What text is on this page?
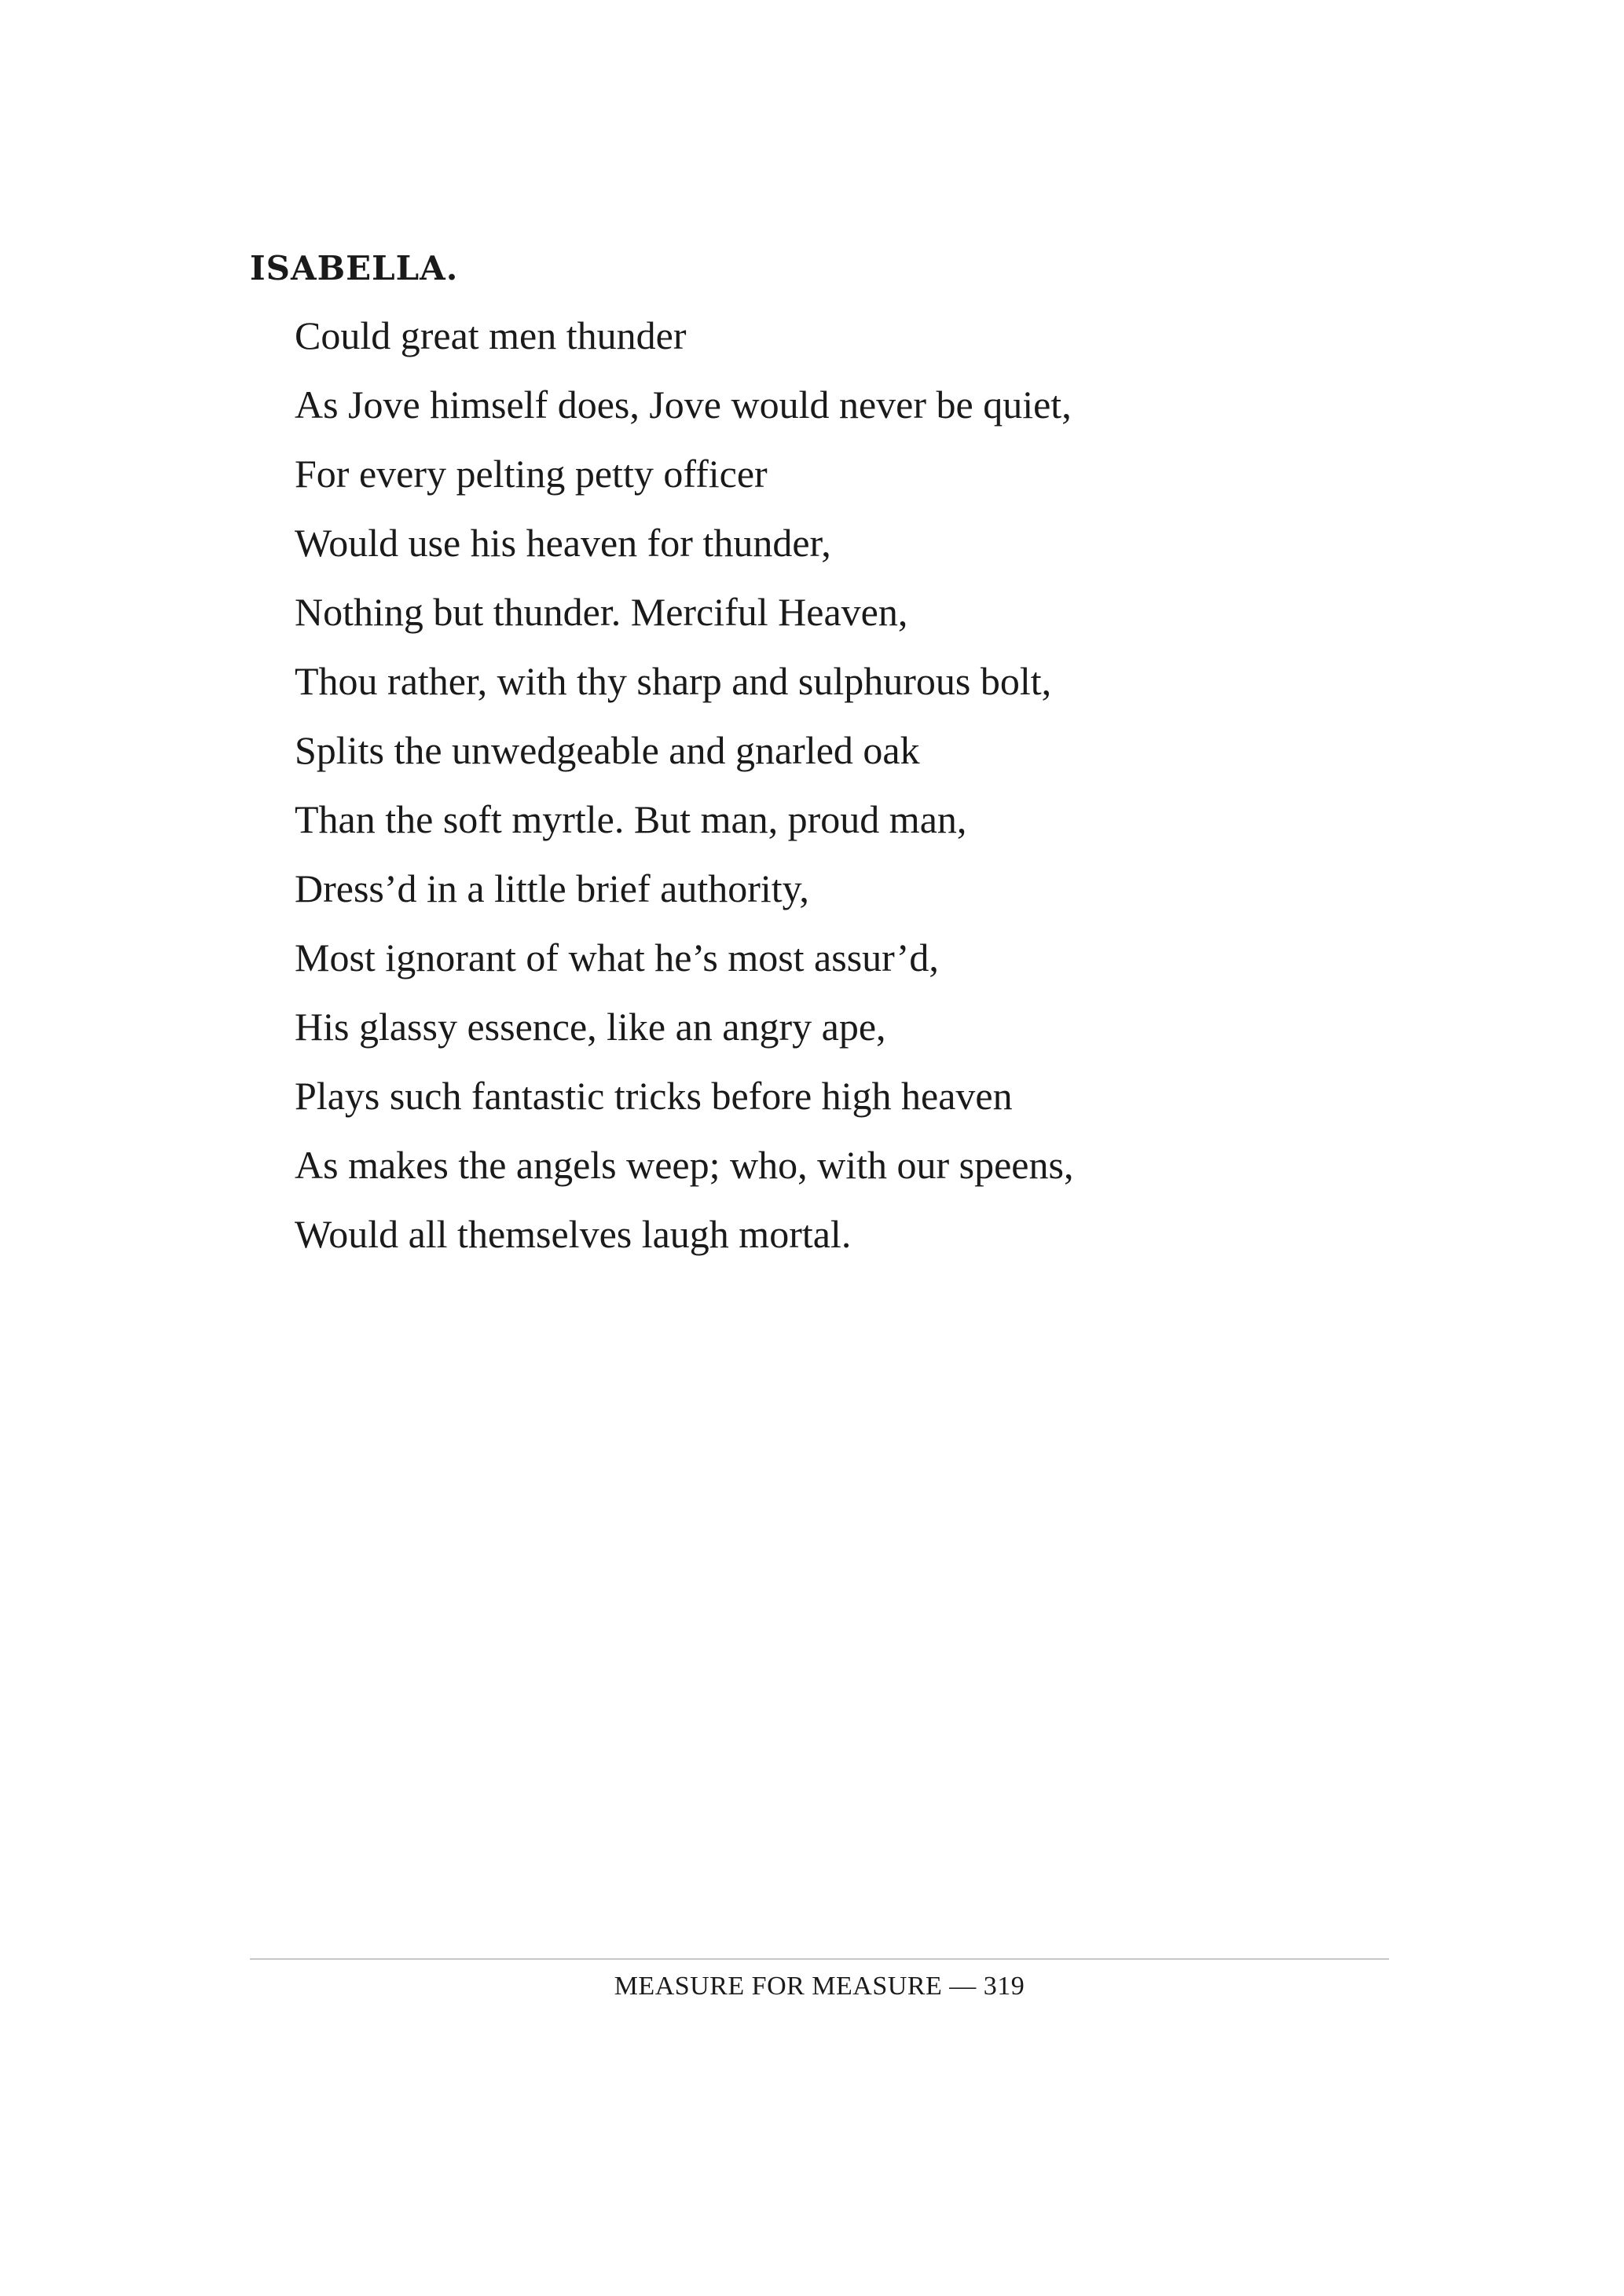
ISABELLA.

Could great men thunder
As Jove himself does, Jove would never be quiet,
For every pelting petty officer
Would use his heaven for thunder,
Nothing but thunder. Merciful Heaven,
Thou rather, with thy sharp and sulphurous bolt,
Splits the unwedgeable and gnarled oak
Than the soft myrtle. But man, proud man,
Dress’d in a little brief authority,
Most ignorant of what he’s most assur’d,
His glassy essence, like an angry ape,
Plays such fantastic tricks before high heaven
As makes the angels weep; who, with our speens,
Would all themselves laugh mortal.
MEASURE FOR MEASURE — 319
